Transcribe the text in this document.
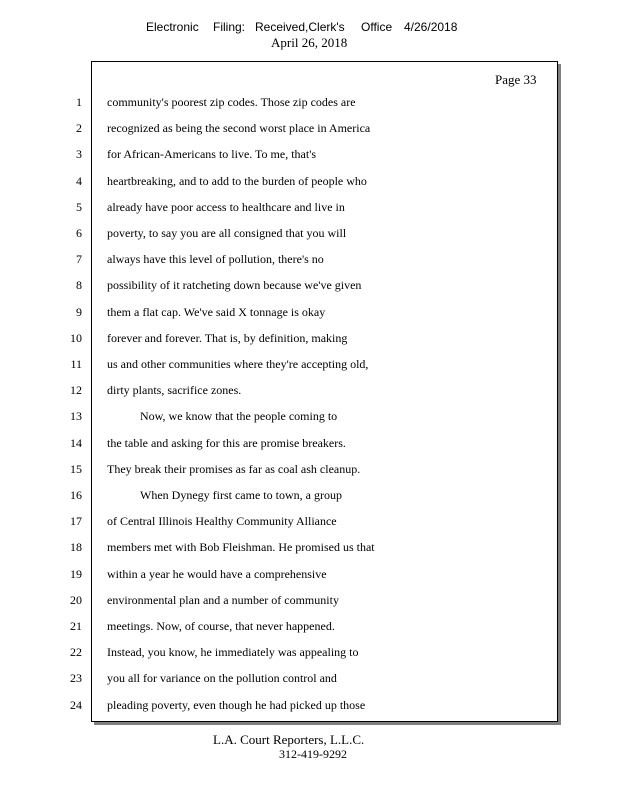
Electronic Filing: Received,Clerk's Office 4/26/2018
April 26, 2018
Page 33
1 community's poorest zip codes. Those zip codes are
2 recognized as being the second worst place in America
3 for African-Americans to live. To me, that's
4 heartbreaking, and to add to the burden of people who
5 already have poor access to healthcare and live in
6 poverty, to say you are all consigned that you will
7 always have this level of pollution, there's no
8 possibility of it ratcheting down because we've given
9 them a flat cap. We've said X tonnage is okay
10 forever and forever. That is, by definition, making
11 us and other communities where they're accepting old,
12 dirty plants, sacrifice zones.
13	Now, we know that the people coming to
14 the table and asking for this are promise breakers.
15 They break their promises as far as coal ash cleanup.
16	When Dynegy first came to town, a group
17 of Central Illinois Healthy Community Alliance
18 members met with Bob Fleishman. He promised us that
19 within a year he would have a comprehensive
20 environmental plan and a number of community
21 meetings. Now, of course, that never happened.
22 Instead, you know, he immediately was appealing to
23 you all for variance on the pollution control and
24 pleading poverty, even though he had picked up those
L.A. Court Reporters, L.L.C.
312-419-9292
